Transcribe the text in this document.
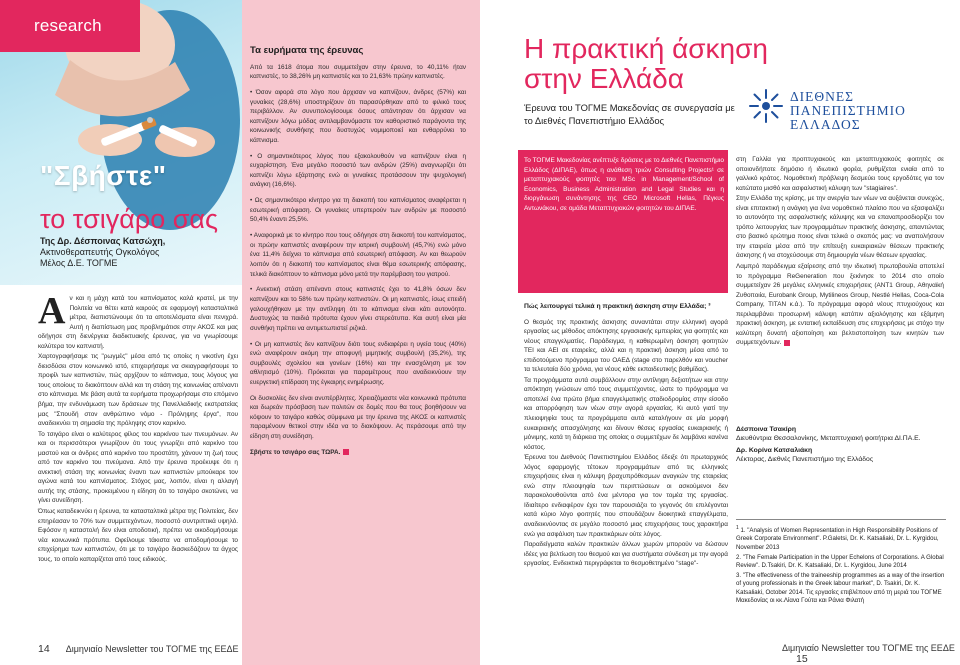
research
"Σβήστε"
το τσιγάρο σας
Της Δρ. Δέσποινας Κατσώχη,
Ακτινοθεραπευτής Ογκολόγος
Μέλος Δ.Ε. ΤΟΓΜΕ

Αν και η μάχη κατά του καπνίσματος καλά κρατεί, με την Πολιτεία να θέτει κατά καιρούς σε εφαρμογή κατασταλτικά μέτρα, διαπιστώνουμε ότι τα αποτελέσματα είναι πενιχρά. Αυτή η διαπίστωση μας προβλημάτισε στην ΑΚΟΣ και μας οδήγησε στη διενέργεια διαδικτυακής έρευνας, για να γνωρίσουμε καλύτερα τον καπνιστή.

Χαρτογραφήσαμε τις "ρωγμές" μέσα από τις οποίες η νικοτίνη έχει διεισδύσει στον κοινωνικό ιστό, επιχειρήσαμε να σκιαγραφήσουμε το προφίλ των καπνιστών, πώς αρχίζουν το κάπνισμα, τους λόγους για τους οποίους το διακόπτουν αλλά και τη στάση της κοινωνίας απέναντι στο κάπνισμα. Με βάση αυτά τα ευρήματα προχωρήσαμε στο επόμενο βήμα, την ενδυνάμωση των δράσεων της Πανελλαδικής εκστρατείας μας "Σπουδή στον ανθρώπινο νόμο - Πρόληψης έργα", που αναδεικνύει τη σημασία της πρόληψης στον καρκίνο.

Το τσιγάρο είναι ο καλύτερος φίλος του καρκίνου των πνευμόνων. Αν και οι περισσότεροι γνωρίζουν ότι τους γνωρίζει από καρκίνο του μαστού και οι άνδρες από καρκίνο του προστάτη, χάνουν τη ζωή τους από τον καρκίνο του πνεύμονα. Από την έρευνα προέκυψε ότι η ανεκτική στάση της κοινωνίας έναντι των καπνιστών μπούκαρε τον αγώνα κατά του καπνίσματος. Στόχος μας, λοιπόν, είναι η αλλαγή αυτής της στάσης, προκειμένου η είδηση ότι το τσιγάρο σκοτώνει, να γίνει συνείδηση.

Όπως καταδεικνύει η έρευνα, τα κατασταλτικά μέτρα της Πολιτείας, δεν επηρέασαν το 70% των συμμετεχόντων, ποσοστό συντριπτικά υψηλό. Εφόσον η καταστολή δεν είναι αποδοτική, πρέπει να οικοδομήσουμε νέα κοινωνικά πρότυπα. Οφείλουμε τάκιστα να αποδομήσουμε το επιχείρημα των καπνιστών, ότι με το τσιγάρο διασκεδάζουν τα άγχος τους, το οποίο καπαρίζεται από τους ειδικούς.

Τα ευρήματα της έρευνας

Από τα 1618 άτομα που συμμετείχαν στην έρευνα, το 40,11% ήταν καπνιστές, το 38,26% μη καπνιστές και το 21,63% πρώην καπνιστές.

• Όσον αφορά στο λόγο που άρχισαν να καπνίζουν, άνδρες (57%) και γυναίκες (28,6%) υποστηρίζουν ότι παρασύρθηκαν από το φιλικό τους περιβάλλον. Αν συνυπολογίσουμε όσους απάντησαν ότι άρχισαν να καπνίζουν λόγω μόδας αντιλαμβανόμαστε τον καθοριστικό παράγοντα της κοινωνικής συνθήκης που δυστυχώς νομιμοποιεί και ενθαρρύνει το κάπνισμα.

• Ο σημαντικότερος λόγος που εξακολουθούν να καπνίζουν είναι η ευχαρίστηση. Ένα μεγάλο ποσοστό των ανδρών (25%) αναγνωρίζει ότι καπνίζει λόγω εξάρτησης ενώ οι γυναίκες προτάσσουν την ψυχολογική ανάγκη (16,6%).

• Ως σημαντικότερο κίνητρο για τη διακοπή του καπνίσματος αναφέρεται η εσωτερική απόφαση. Οι γυναίκες υπερτερούν των ανδρών με ποσοστό 50,4% έναντι 25,5%.

• Αναφορικά με το κίνητρο που τους οδήγησε στη διακοπή του καπνίσματος, οι πρώην καπνιστές αναφέρουν την ιατρική συμβουλή (45,7%) ενώ μόνο ένα 11,4% δείχνει το κάπνισμα από εσωτερική απόφαση. Αν και θεωρούν λοιπόν ότι η διακοπή του καπνίσματος είναι θέμα εσωτερικής απόφασης, τελικά διακόπτουν το κάπνισμα μόνο μετά την παρέμβαση του γιατρού.

• Ανεκτική στάση απέναντι στους καπνιστές έχει το 41,8% όσων δεν καπνίζουν και το 58% των πρώην καπνιστών. Οι μη καπνιστές, ίσως επειδή γαλουχήθηκαν με την αντίληψη ότι το κάπνισμα είναι κάτι αυτονόητο. Δυστυχώς τα παιδιά πρότυπα έχουν γίνει στερεότυπα. Και αυτή είναι μία συνθήκη πρέπει να αντιμετωπιστεί ριζικά.

• Οι μη καπνιστές δεν καπνίζουν διότι τους ενδιαφέρει η υγεία τους (40%) ενώ αναφέρουν ακόμη την αποφυγή μιμητικής συμβουλή (35,2%), της συμβουλές σχολείου και γονέων (16%) και την ενασχόληση με τον αθλητισμό (10%). Πρόκειται για παραμέτρους που αναδεικνύουν την ευεργετική επίδραση της έγκαιρης ενημέρωσης.

Οι δυσκολίες δεν είναι ανυπέρβλητες. Χρειαζόμαστε νέα κοινωνικά πρότυπα και δωρεάν πρόσβαση των πολιτών σε δομές που θα τους βοηθήσουν να κόψουν το τσιγάρο καθώς σύμφωνα με την έρευνα της ΑΚΟΣ οι καπνιστές παραμένουν θετικοί στην ιδέα να το διακόψουν. Ας περάσουμε από την είδηση στη συνείδηση.

Σβήστε το τσιγάρο σας ΤΩΡΑ.

14 Διμηνιαίο Newsletter του ΤΟΓΜΕ της ΕΕΔΕ
Η πρακτική άσκηση
στην Ελλάδα
Έρευνα του ΤΟΓΜΕ Μακεδονίας σε συνεργασία με το Διεθνές Πανεπιστήμιο Ελλάδος
ΔΙΕΘΝΕΣ
ΠΑΝΕΠΙΣΤΗΜΙΟ
ΕΛΛΑΔΟΣ
Το ΤΟΓΜΕ Μακεδονίας ανέπτυξε δράσεις με το Διεθνές Πανεπιστήμιο Ελλάδος (ΔΙΠΑΕ), όπως η ανάθεση τριών Consulting Projects¹ σε μεταπτυχιακούς φοιτητές του MSc in Management/School of Economics, Business Administration and Legal Studies και η διοργάνωση συνάντησης της CEO Microsoft Hellas, Πέγκυς Αντωνάκου, σε ομάδα Μεταπτυχιακών φοιτητών του ΔΙΠΑΕ.
Πώς λειτουργεί τελικά η πρακτική άσκηση στην Ελλάδα; ³

Ο θεσμός της πρακτικής άσκησης συναντάται στην ελληνική αγορά εργασίας ως μέθοδος απόκτησης εργασιακής εμπειρίας για φοιτητές και νέους επαγγελματίες. Παράδειγμα, η καθιερωμένη άσκηση φοιτητών ΤΕΙ και ΑΕΙ σε εταιρείες, αλλά και η πρακτική άσκηση μέσα από το επιδοτούμενο πρόγραμμα του ΟΑΕΔ (stage στο παρελθόν και voucher τα τελευταία δύο χρόνια, για νέους κάθε εκπαιδευτικής βαθμίδας).

Τα προγράμματα αυτά συμβάλλουν στην αντίληψη δεξιοτήτων και στην απόκτηση γνώσεων από τους συμμετέχοντες, ώστε το πρόγραμμα να αποτελεί ένα πρώτο βήμα επαγγελματικής σταδιοδρομίας στην είσοδο και απορρόφηση των νέων στην αγορά εργασίας. Κι αυτό γιατί την πλειοψηφία τους τα προγράμματα αυτά καταλήγουν σε μία μορφή ευκαιριακής απασχόλησης και δίνουν θέσεις εργασίας ευκαιριακής ή μόνιμης, κατά τη διάρκεια της οποίας ο συμμετέχων δε λαμβάνει κανένα κόστος.

Έρευνα του Διεθνούς Πανεπιστημίου Ελλάδος έδειξε ότι πρωταρχικός λόγος εφαρμογής τέτοιων προγραμμάτων από τις ελληνικές επιχειρήσεις είναι η κάλυψη βραχυπρόθεσμων αναγκών της εταιρείας ενώ στην πλειοψηφία των περιπτώσεων οι ασκούμενοι δεν παρακολουθούνται από ένα μέντορα για τον τομέα της εργασίας. Ιδιαίτερο ενδιαφέρον έχει τον παρουσιάζει το γεγονός ότι επιλέγονται κατά κύριο λόγο φοιτητές που σπουδάζουν διοικητικά επαγγέλματα, αναδεικνύοντας σε μεγάλο ποσοστό μιας επιχειρήσεις τους χαρακτήρα ενώ για ασφάλιση των πρακτικάριων ούτε λόγος.

Παραδείγματα καλών πρακτικών άλλων χωρών μπορούν να δώσουν ιδέες για βελτίωση του θεσμού και για συστήματα σύνδεση με την αγορά εργασίας. Ενδεικτικά περιγράφεται το θεσμοθετημένο "stage"-

στη Γαλλία για προπτυχιακούς και μεταπτυχιακούς φοιτητές σε οποιονδήποτε δημόσιο ή ιδιωτικό φορέα, ρυθμίζεται ενιαία από το γαλλικό κράτος. Νομοθετική πρόβλεψη δεσμεύει τους εργοδότες για τον κατώτατο μισθό και ασφαλιστική κάλυψη των "stagiaires".

Στην Ελλάδα της κρίσης, με την ανεργία των νέων να αυξάνεται συνεχώς, είναι επιτακτική η ανάγκη για ένα νομοθετικό πλαίσιο που να εξασφαλίζει το αυτονόητο της ασφαλιστικής κάλυψης και να επαναπροσδιορίζει τον τρόπο λειτουργίας των προγραμμάτων πρακτικής άσκησης, απαντώντας στο βασικό ερώτημα ποιος είναι τελικά ο σκοπός μας: να αναπολήσουν την εταιρεία μέσα από την επίτευξη ευκαιριακών θέσεων πρακτικής άσκησης ή να στοχεύσουμε στη δημιουργία νέων θέσεων εργασίας.

Λαμπρό παράδειγμα εξαίρεσης από την ιδιωτική πρωτοβουλία αποτελεί το πρόγραμμα ReGeneration που ξεκίνησε το 2014 στο οποίο συμμετείχαν 26 μεγάλες ελληνικές επιχειρήσεις (ΑΝΤ1 Group, Αθηναϊκή Ζυθοποιία, Eurobank Group, Mytilineos Group, Nestlé Hellas, Coca-Cola Company, TITAN κ.ά.). Το πρόγραμμα αφορά νέους πτυχιούχους και περιλαμβάνει προσωρινή κάλυψη κατόπιν αξιολόγησης και εξάμηνη πρακτική άσκηση, με εντατική εκπαίδευση στις επιχειρήσεις με στόχο την καλύτερη δυνατή αξιοποίηση και βελτιστοποίηση των κινητών των συμμετεχόντων.

Δέσποινα Τσακίρη
Διευθύντρια Θεσσαλονίκης, Μεταπτυχιακή φοιτήτρια ΔΙ.ΠΑ.Ε.
Δρ. Κορίνα Κατσαλιάκη
Λέκτορας, Διεθνές Πανεπιστήμιο της Ελλάδος

$^1$ 1. "Analysis of Women Representation in High Responsibility Positions of Greek Corporate Environment". P.Galetsi, Dr. K. Katsaliaki, Dr. L. Kyrgidou, November 2013

2. "The Female Participation in the Upper Echelons of Corporations. A Global Review". D.Tsakiri, Dr. K. Katsaliaki, Dr. L. Kyrgidou, June 2014

3. "The effectiveness of the traineeship programmes as a way of the insertion of young professionals in the Greek labour market", D. Tsakiri, Dr. K. Katsaliaki, October 2014. Τις εργασίες επιβλέπουν από τη μεριά του ΤΟΓΜΕ Μακεδονίας οι κκ.Λίανα Γούτα και Ράνια Φιλατή

Διμηνιαίο Newsletter του ΤΟΓΜΕ της ΕΕΔΕ 15
